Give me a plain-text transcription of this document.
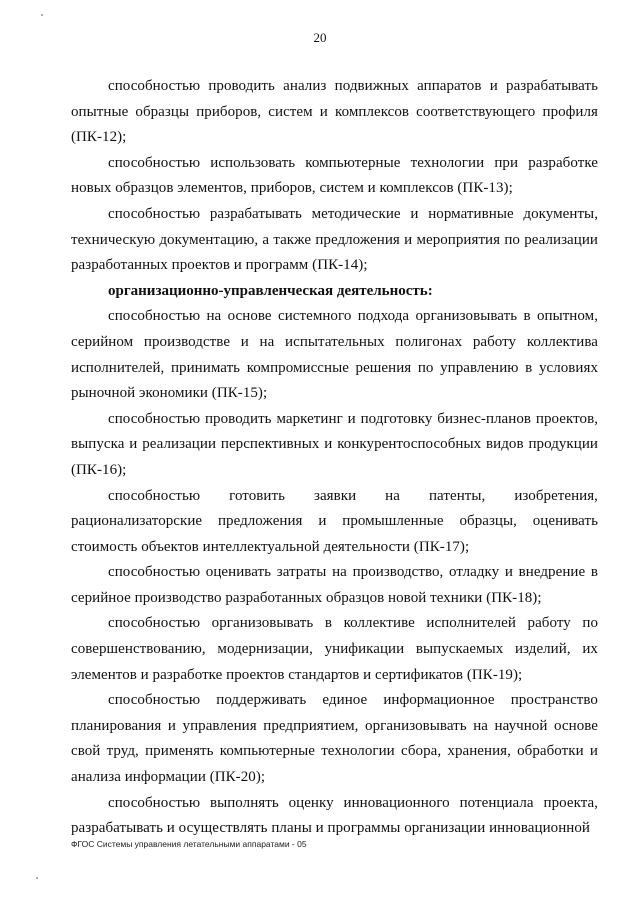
20

способностью проводить анализ подвижных аппаратов и разрабатывать опытные образцы приборов, систем и комплексов соответствующего профиля (ПК-12);

способностью использовать компьютерные технологии при разработке новых образцов элементов, приборов, систем и комплексов (ПК-13);

способностью разрабатывать методические и нормативные документы, техническую документацию, а также предложения и мероприятия по реализации разработанных проектов и программ (ПК-14);

организационно-управленческая деятельность:

способностью на основе системного подхода организовывать в опытном, серийном производстве и на испытательных полигонах работу коллектива исполнителей, принимать компромиссные решения по управлению в условиях рыночной экономики (ПК-15);

способностью проводить маркетинг и подготовку бизнес-планов проектов, выпуска и реализации перспективных и конкурентоспособных видов продукции (ПК-16);

способностью готовить заявки на патенты, изобретения, рационализаторские предложения и промышленные образцы, оценивать стоимость объектов интеллектуальной деятельности (ПК-17);

способностью оценивать затраты на производство, отладку и внедрение в серийное производство разработанных образцов новой техники (ПК-18);

способностью организовывать в коллективе исполнителей работу по совершенствованию, модернизации, унификации выпускаемых изделий, их элементов и разработке проектов стандартов и сертификатов (ПК-19);

способностью поддерживать единое информационное пространство планирования и управления предприятием, организовывать на научной основе свой труд, применять компьютерные технологии сбора, хранения, обработки и анализа информации (ПК-20);

способностью выполнять оценку инновационного потенциала проекта, разрабатывать и осуществлять планы и программы организации инновационной

ФГОС Системы управления летательными аппаратами - 05
